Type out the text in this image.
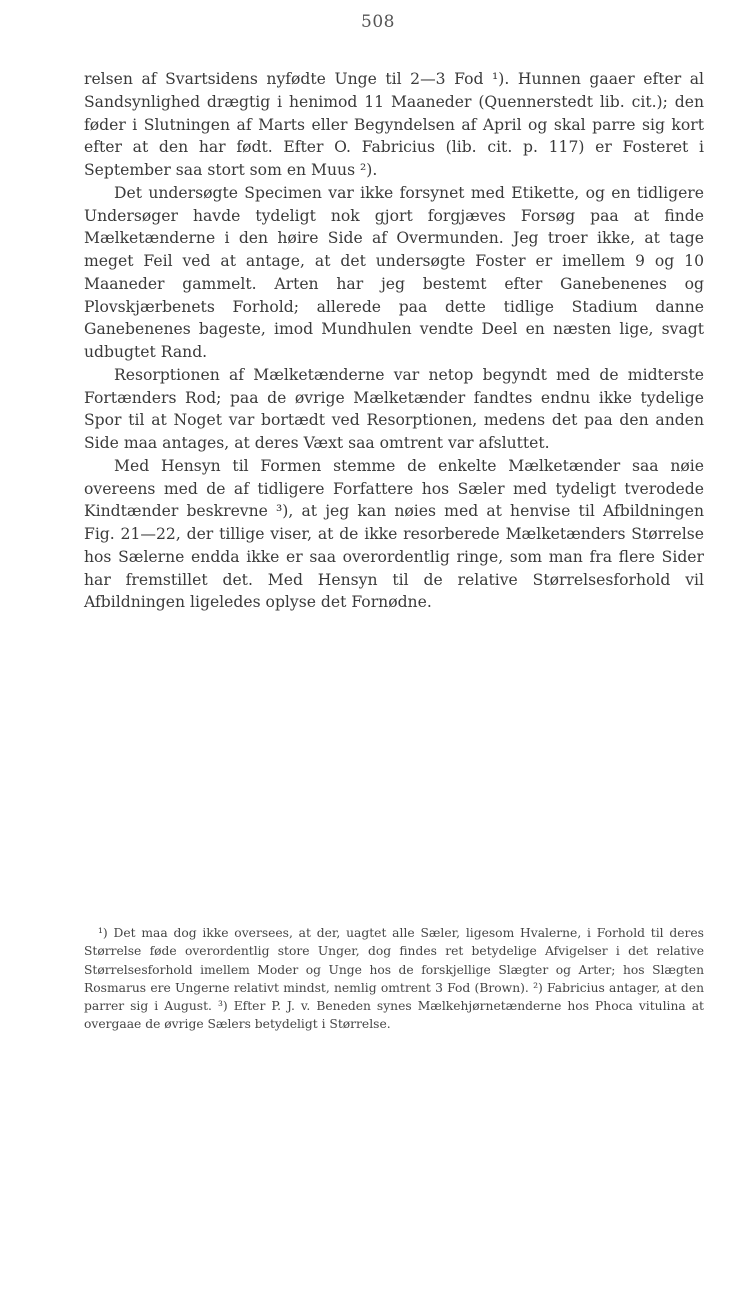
508

relsen af Svartsidens nyfødte Unge til 2—3 Fod ¹). Hunnen gaaer efter al Sandsynlighed drægtig i henimod 11 Maaneder (Quennerstedt lib. cit.); den føder i Slutningen af Marts eller Begyndelsen af April og skal parre sig kort efter at den har født. Efter O. Fabricius (lib. cit. p. 117) er Fosteret i September saa stort som en Muus ²).

Det undersøgte Specimen var ikke forsynet med Etikette, og en tidligere Undersøger havde tydeligt nok gjort forgjæves Forsøg paa at finde Mælketænderne i den høire Side af Overmunden. Jeg troer ikke, at tage meget Feil ved at antage, at det undersøgte Foster er imellem 9 og 10 Maaneder gammelt. Arten har jeg bestemt efter Ganebenenes og Plovskjærbenets Forhold; allerede paa dette tidlige Stadium danne Ganebenenes bageste, imod Mundhulen vendte Deel en næsten lige, svagt udbugtet Rand.

Resorptionen af Mælketænderne var netop begyndt med de midterste Fortænders Rod; paa de øvrige Mælketænder fandtes endnu ikke tydelige Spor til at Noget var bortædt ved Resorptionen, medens det paa den anden Side maa antages, at deres Væxt saa omtrent var afsluttet.

Med Hensyn til Formen stemme de enkelte Mælketænder saa nøie overeens med de af tidligere Forfattere hos Sæler med tydeligt tverodede Kindtænder beskrevne ³), at jeg kan nøies med at henvise til Afbildningen Fig. 21—22, der tillige viser, at de ikke resorberede Mælketænders Størrelse hos Sælerne endda ikke er saa overordentlig ringe, som man fra flere Sider har fremstillet det. Med Hensyn til de relative Størrelsesforhold vil Afbildningen ligeledes oplyse det Fornødne.

¹) Det maa dog ikke oversees, at der, uagtet alle Sæler, ligesom Hvalerne, i Forhold til deres Størrelse føde overordentlig store Unger, dog findes ret betydelige Afvigelser i det relative Størrelsesforhold imellem Moder og Unge hos de forskjellige Slægter og Arter; hos Slægten Rosmarus ere Ungerne relativt mindst, nemlig omtrent 3 Fod (Brown). ²) Fabricius antager, at den parrer sig i August. ³) Efter P. J. v. Beneden synes Mælkehjørnetænderne hos Phoca vitulina at overgaae de øvrige Sælers betydeligt i Størrelse.
